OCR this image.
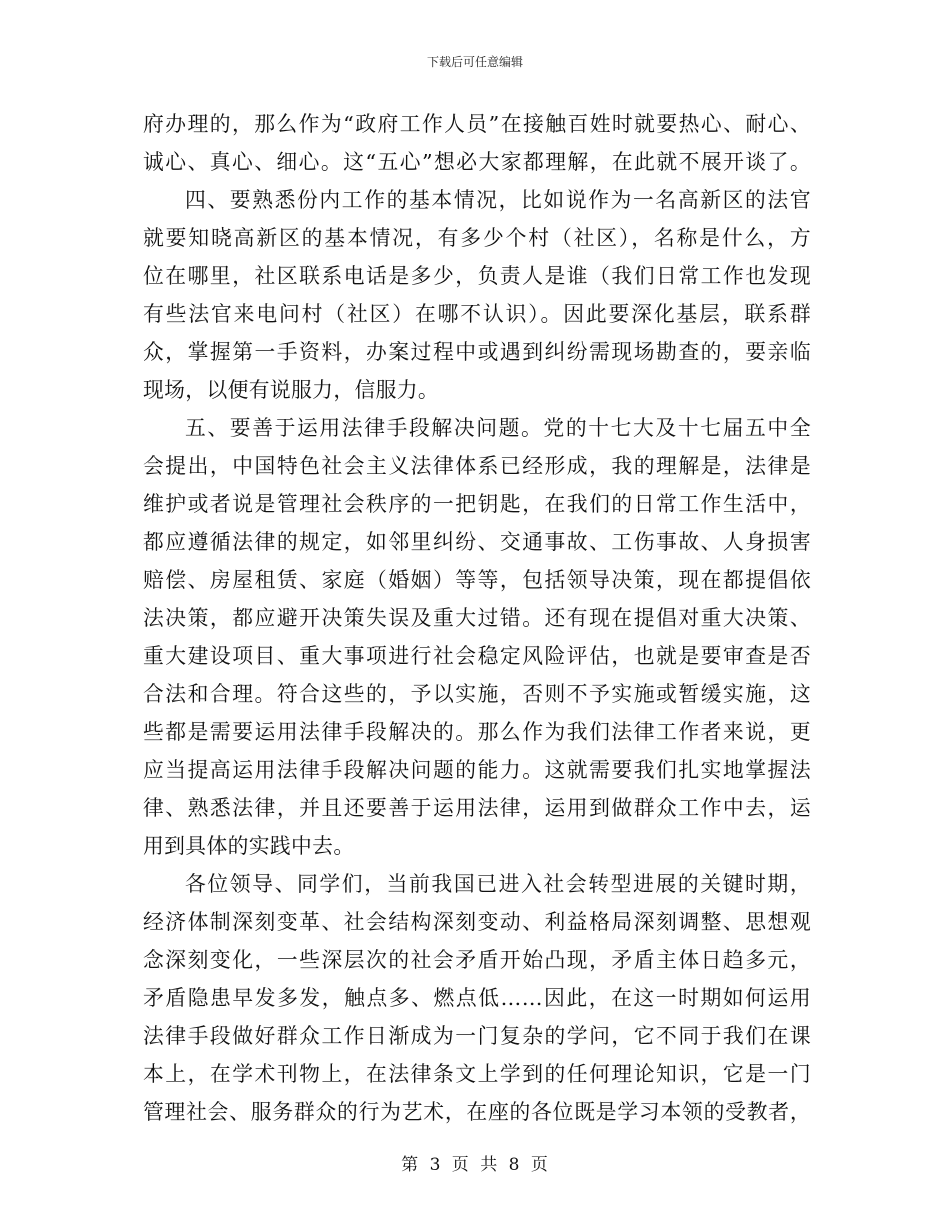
下载后可任意编辑
府办理的，那么作为“政府工作人员”在接触百姓时就要热心、耐心、
诚心、真心、细心。这“五心”想必大家都理解，在此就不展开谈了。
四、要熟悉份内工作的基本情况，比如说作为一名高新区的法官
就要知晓高新区的基本情况，有多少个村（社区），名称是什么，方
位在哪里，社区联系电话是多少，负责人是谁（我们日常工作也发现
有些法官来电问村（社区）在哪不认识）。因此要深化基层，联系群
众，掌握第一手资料，办案过程中或遇到纠纷需现场勘查的，要亲临
现场，以便有说服力，信服力。
五、要善于运用法律手段解决问题。党的十七大及十七届五中全
会提出，中国特色社会主义法律体系已经形成，我的理解是，法律是
维护或者说是管理社会秩序的一把钥匙，在我们的日常工作生活中，
都应遵循法律的规定，如邻里纠纷、交通事故、工伤事故、人身损害
赔偿、房屋租赁、家庭（婚姻）等等，包括领导决策，现在都提倡依
法决策，都应避开决策失误及重大过错。还有现在提倡对重大决策、
重大建设项目、重大事项进行社会稳定风险评估，也就是要审查是否
合法和合理。符合这些的，予以实施，否则不予实施或暂缓实施，这
些都是需要运用法律手段解决的。那么作为我们法律工作者来说，更
应当提高运用法律手段解决问题的能力。这就需要我们扎实地掌握法
律、熟悉法律，并且还要善于运用法律，运用到做群众工作中去，运
用到具体的实践中去。
各位领导、同学们，当前我国已进入社会转型进展的关键时期，
经济体制深刻变革、社会结构深刻变动、利益格局深刻调整、思想观
念深刻变化，一些深层次的社会矛盾开始凸现，矛盾主体日趋多元，
矛盾隐患早发多发，触点多、燃点低……因此，在这一时期如何运用
法律手段做好群众工作日渐成为一门复杂的学问，它不同于我们在课
本上，在学术刊物上，在法律条文上学到的任何理论知识，它是一门
管理社会、服务群众的行为艺术，在座的各位既是学习本领的受教者，
第 3 页 共 8 页
